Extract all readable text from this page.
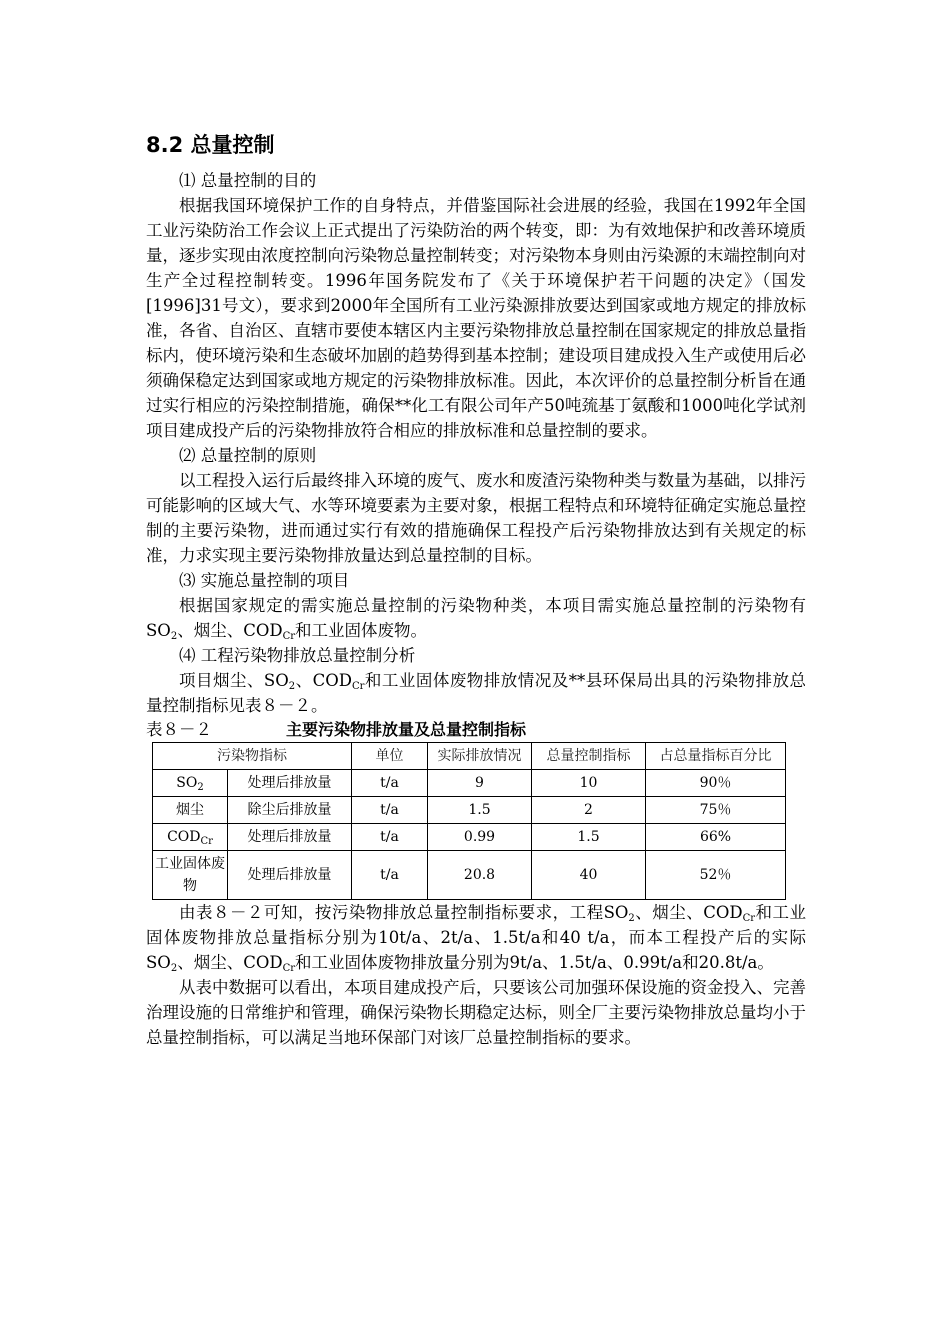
8.2 总量控制

⑴ 总量控制的目的

根据我国环境保护工作的自身特点，并借鉴国际社会进展的经验，我国在1992年全国工业污染防治工作会议上正式提出了污染防治的两个转变，即：为有效地保护和改善环境质量，逐步实现由浓度控制向污染物总量控制转变；对污染物本身则由污染源的末端控制向对生产全过程控制转变。1996年国务院发布了《关于环境保护若干问题的决定》（国发[1996]31号文），要求到2000年全国所有工业污染源排放要达到国家或地方规定的排放标准，各省、自治区、直辖市要使本辖区内主要污染物排放总量控制在国家规定的排放总量指标内，使环境污染和生态破坏加剧的趋势得到基本控制；建设项目建成投入生产或使用后必须确保稳定达到国家或地方规定的污染物排放标准。因此，本次评价的总量控制分析旨在通过实行相应的污染控制措施，确保**化工有限公司年产50吨巯基丁氨酸和1000吨化学试剂项目建成投产后的污染物排放符合相应的排放标准和总量控制的要求。

⑵ 总量控制的原则

以工程投入运行后最终排入环境的废气、废水和废渣污染物种类与数量为基础，以排污可能影响的区域大气、水等环境要素为主要对象，根据工程特点和环境特征确定实施总量控制的主要污染物，进而通过实行有效的措施确保工程投产后污染物排放达到有关规定的标准，力求实现主要污染物排放量达到总量控制的目标。

⑶ 实施总量控制的项目

根据国家规定的需实施总量控制的污染物种类，本项目需实施总量控制的污染物有$SO_2$、烟尘、$COD_{Cr}$和工业固体废物。

⑷ 工程污染物排放总量控制分析

项目烟尘、$SO_2$、$COD_{Cr}$和工业固体废物排放情况及**县环保局出具的污染物排放总量控制指标见表８－２。

表８－２	主要污染物排放量及总量控制指标
污染物指标		单位	实际排放情况	总量控制指标	占总量指标百分比
$SO_2$	处理后排放量	t/a	9	10	90％
烟尘	除尘后排放量	t/a	1.5	2	75％
$COD_{Cr}$	处理后排放量	t/a	0.99	1.5	66%
工业固体废物	处理后排放量	t/a	20.8	40	52％

由表８－２可知，按污染物排放总量控制指标要求，工程$SO_2$、烟尘、$COD_{Cr}$和工业固体废物排放总量指标分别为10t/a、2t/a、1.5t/a和40 t/a，而本工程投产后的实际$SO_2$、烟尘、$COD_{Cr}$和工业固体废物排放量分别为9t/a、1.5t/a、0.99t/a和20.8t/a。

从表中数据可以看出，本项目建成投产后，只要该公司加强环保设施的资金投入、完善治理设施的日常维护和管理，确保污染物长期稳定达标，则全厂主要污染物排放总量均小于总量控制指标，可以满足当地环保部门对该厂总量控制指标的要求。
